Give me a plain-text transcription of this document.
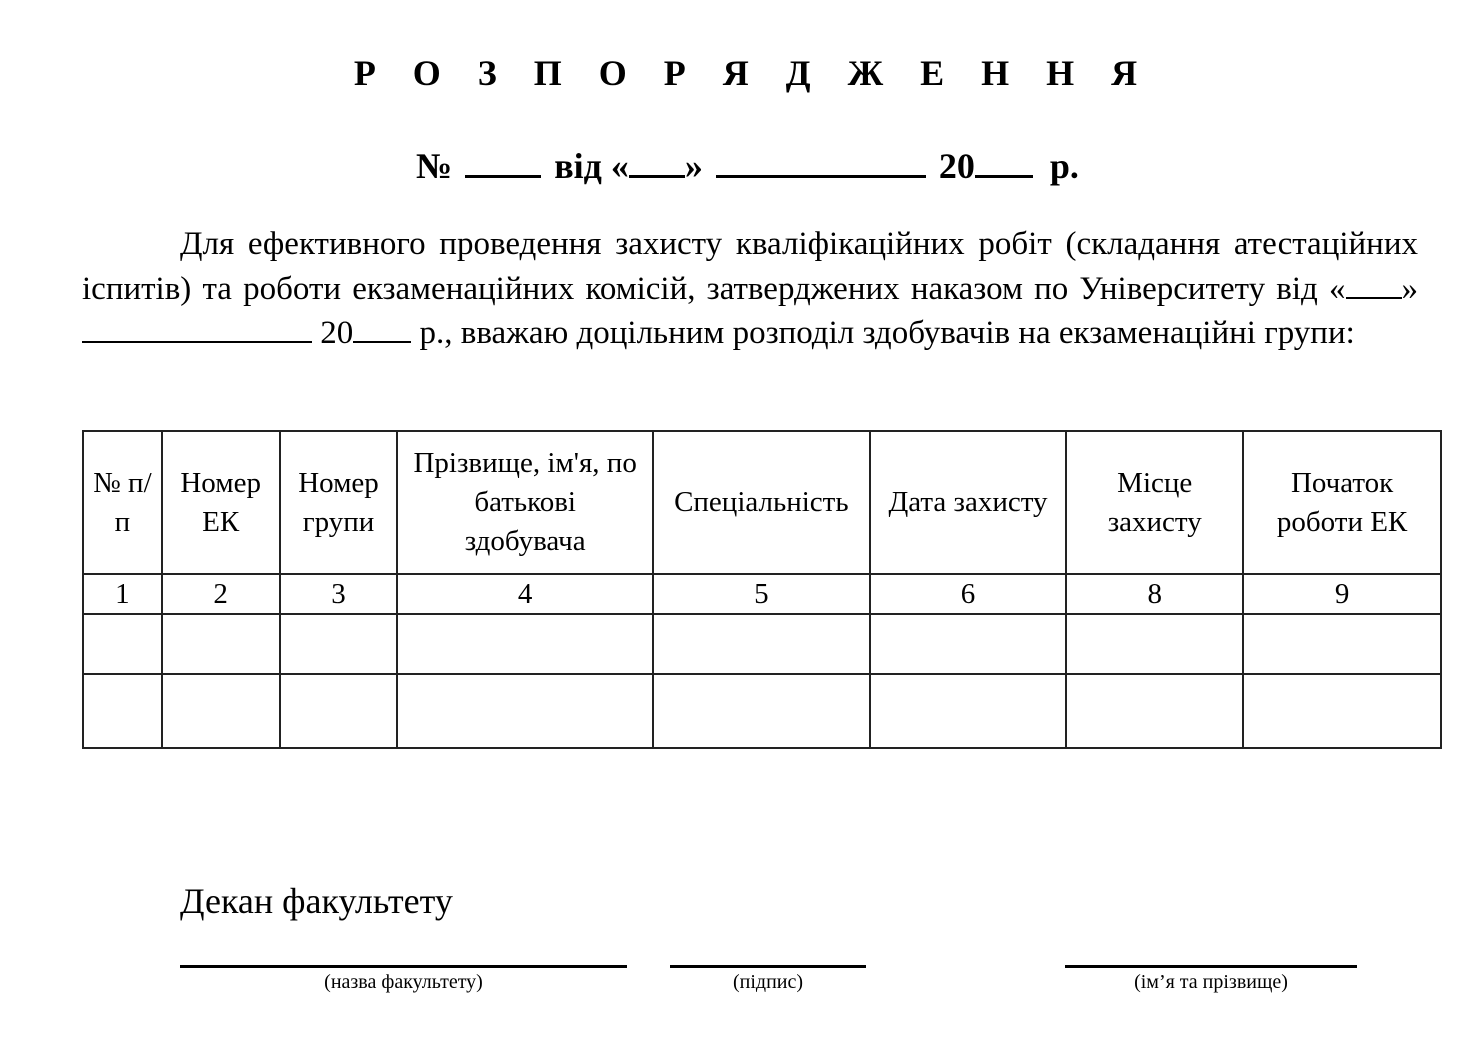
Р О З П О Р Я Д Ж Е Н Н Я
№	від « »	20 р.
Для ефективного проведення захисту кваліфікаційних робіт (складання атестаційних іспитів) та роботи екзаменаційних комісій, затверджених наказом по Університету від « »  20 р., вважаю доцільним розподіл здобувачів на екзаменаційні групи:
№ п/п	Номер ЕК	Номер групи	Прізвище, ім'я, по батькові здобувача	Спеціальність	Дата захисту	Місце захисту	Початок роботи ЕК
1	2	3	4	5	6	8	9

Декан факультету
(назва факультету)	(підпис)	(ім’я та прізвище)
